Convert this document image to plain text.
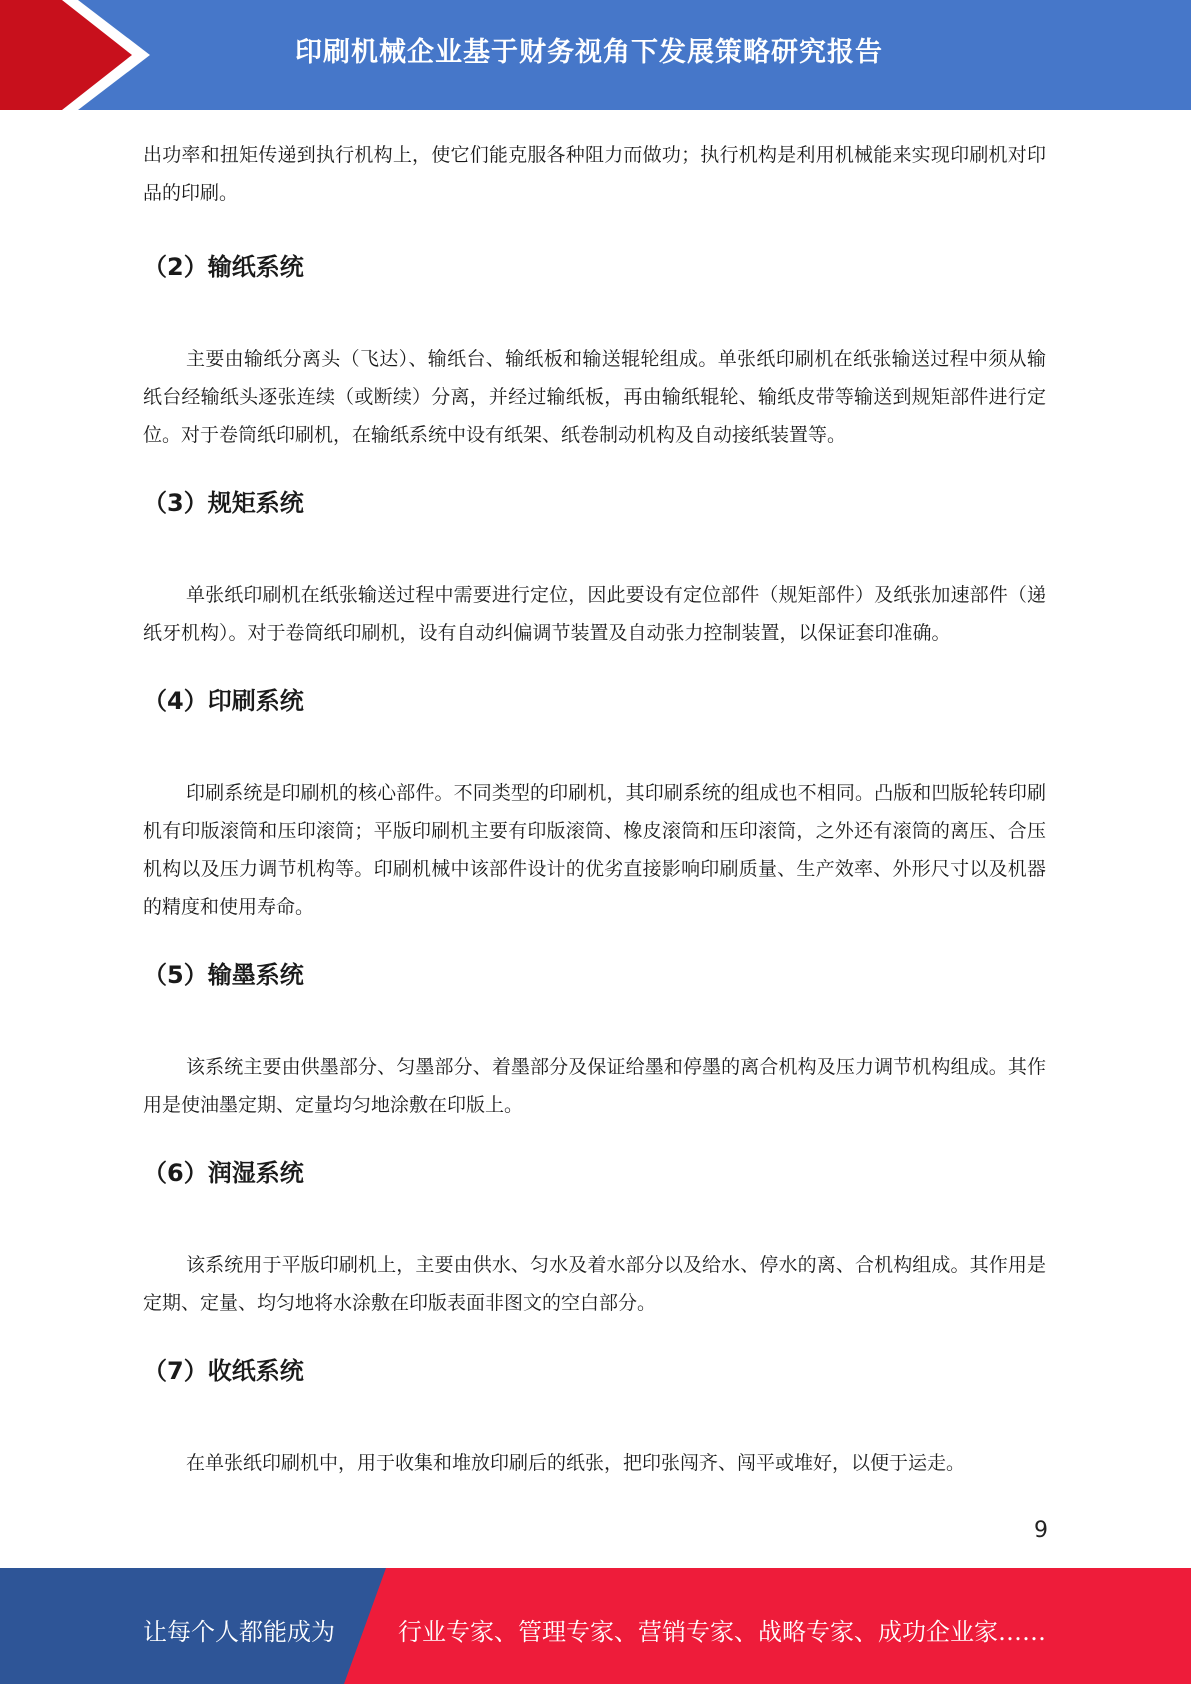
印刷机械企业基于财务视角下发展策略研究报告

出功率和扭矩传递到执行机构上，使它们能克服各种阻力而做功；执行机构是利用机械能来实现印刷机对印品的印刷。

（2）输纸系统

主要由输纸分离头（飞达）、输纸台、输纸板和输送辊轮组成。单张纸印刷机在纸张输送过程中须从输纸台经输纸头逐张连续（或断续）分离，并经过输纸板，再由输纸辊轮、输纸皮带等输送到规矩部件进行定位。对于卷筒纸印刷机，在输纸系统中设有纸架、纸卷制动机构及自动接纸装置等。

（3）规矩系统

单张纸印刷机在纸张输送过程中需要进行定位，因此要设有定位部件（规矩部件）及纸张加速部件（递纸牙机构）。对于卷筒纸印刷机，设有自动纠偏调节装置及自动张力控制装置，以保证套印准确。

（4）印刷系统

印刷系统是印刷机的核心部件。不同类型的印刷机，其印刷系统的组成也不相同。凸版和凹版轮转印刷机有印版滚筒和压印滚筒；平版印刷机主要有印版滚筒、橡皮滚筒和压印滚筒，之外还有滚筒的离压、合压机构以及压力调节机构等。印刷机械中该部件设计的优劣直接影响印刷质量、生产效率、外形尺寸以及机器的精度和使用寿命。

（5）输墨系统

该系统主要由供墨部分、匀墨部分、着墨部分及保证给墨和停墨的离合机构及压力调节机构组成。其作用是使油墨定期、定量均匀地涂敷在印版上。

（6）润湿系统

该系统用于平版印刷机上，主要由供水、匀水及着水部分以及给水、停水的离、合机构组成。其作用是定期、定量、均匀地将水涂敷在印版表面非图文的空白部分。

（7）收纸系统

在单张纸印刷机中，用于收集和堆放印刷后的纸张，把印张闯齐、闯平或堆好，以便于运走。

9
让每个人都能成为	行业专家、管理专家、营销专家、战略专家、成功企业家……
